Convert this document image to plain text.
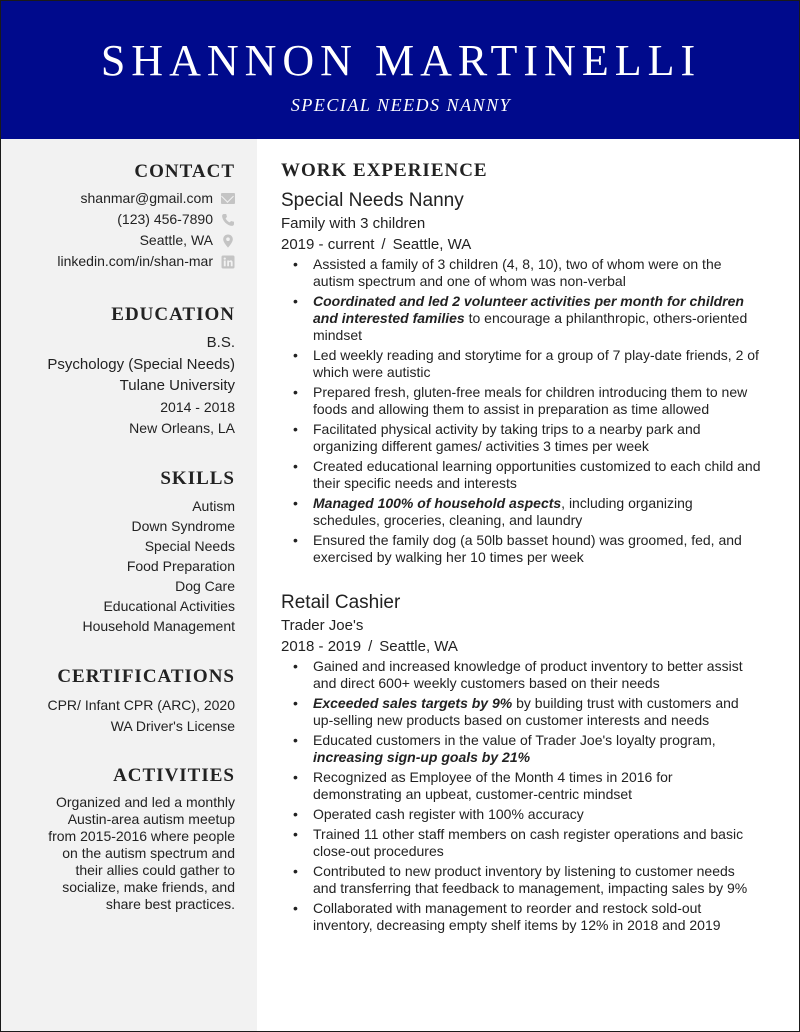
SHANNON MARTINELLI
SPECIAL NEEDS NANNY
CONTACT
shanmar@gmail.com
(123) 456-7890
Seattle, WA
linkedin.com/in/shan-mar
EDUCATION
B.S.
Psychology (Special Needs)
Tulane University
2014 - 2018
New Orleans, LA
SKILLS
Autism
Down Syndrome
Special Needs
Food Preparation
Dog Care
Educational Activities
Household Management
CERTIFICATIONS
CPR/ Infant CPR (ARC), 2020
WA Driver's License
ACTIVITIES
Organized and led a monthly
Austin-area autism meetup
from 2015-2016 where people
on the autism spectrum and
their allies could gather to
socialize, make friends, and
share best practices.
WORK EXPERIENCE
Special Needs Nanny
Family with 3 children
2019 - current / Seattle, WA
• Assisted a family of 3 children (4, 8, 10), two of whom were on the autism spectrum and one of whom was non-verbal
• Coordinated and led 2 volunteer activities per month for children and interested families to encourage a philanthropic, others-oriented mindset
• Led weekly reading and storytime for a group of 7 play-date friends, 2 of which were autistic
• Prepared fresh, gluten-free meals for children introducing them to new foods and allowing them to assist in preparation as time allowed
• Facilitated physical activity by taking trips to a nearby park and organizing different games/ activities 3 times per week
• Created educational learning opportunities customized to each child and their specific needs and interests
• Managed 100% of household aspects, including organizing schedules, groceries, cleaning, and laundry
• Ensured the family dog (a 50lb basset hound) was groomed, fed, and exercised by walking her 10 times per week
Retail Cashier
Trader Joe's
2018 - 2019 / Seattle, WA
• Gained and increased knowledge of product inventory to better assist and direct 600+ weekly customers based on their needs
• Exceeded sales targets by 9% by building trust with customers and up-selling new products based on customer interests and needs
• Educated customers in the value of Trader Joe's loyalty program, increasing sign-up goals by 21%
• Recognized as Employee of the Month 4 times in 2016 for demonstrating an upbeat, customer-centric mindset
• Operated cash register with 100% accuracy
• Trained 11 other staff members on cash register operations and basic close-out procedures
• Contributed to new product inventory by listening to customer needs and transferring that feedback to management, impacting sales by 9%
• Collaborated with management to reorder and restock sold-out inventory, decreasing empty shelf items by 12% in 2018 and 2019
